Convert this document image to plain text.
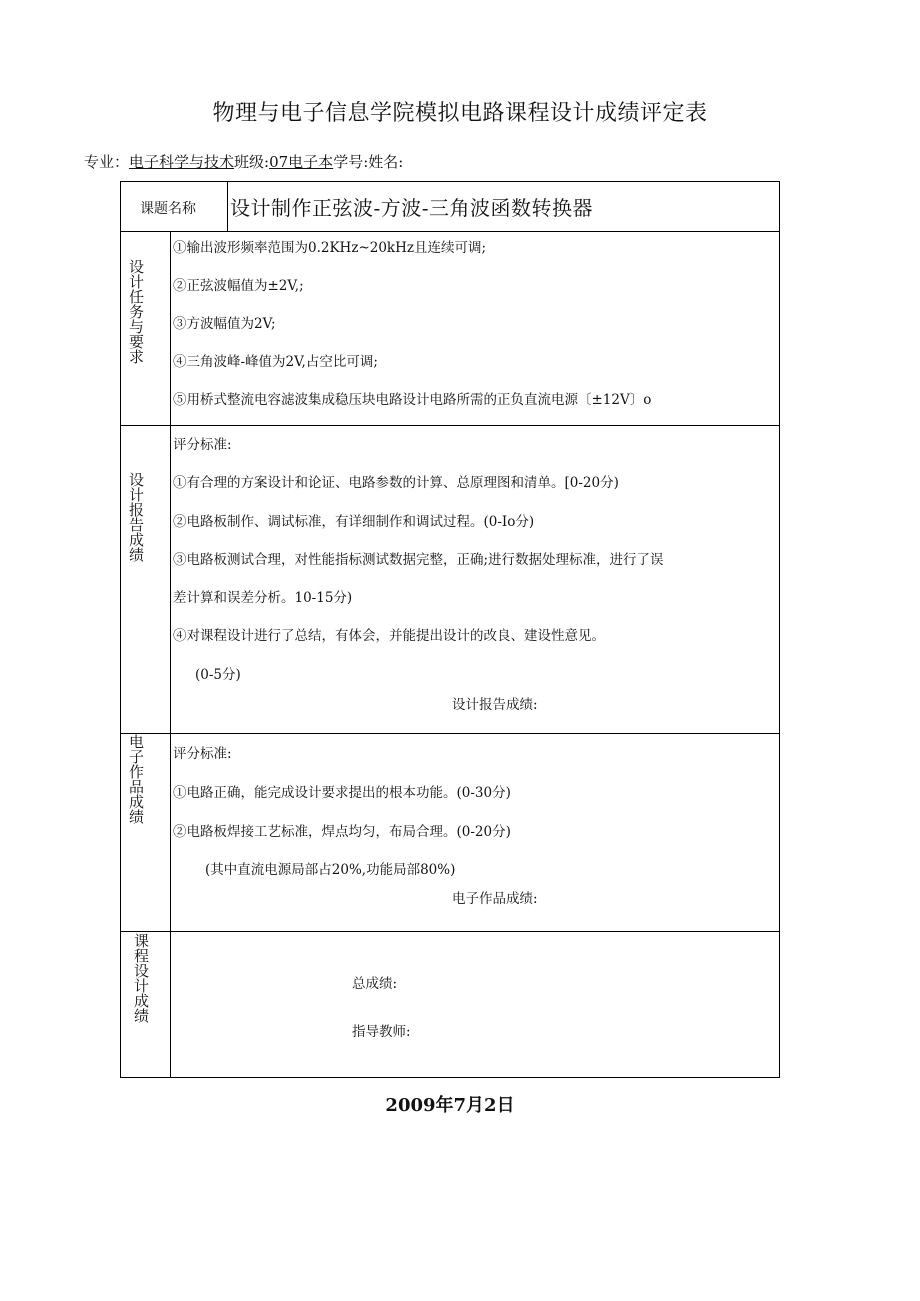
物理与电子信息学院模拟电路课程设计成绩评定表
专业：电子科学与技术班级:07电子本学号:姓名:
课题名称 设计制作正弦波-方波-三角波函数转换器
设计任务与要求
①输出波形频率范围为0.2KHz~20kHz且连续可调;
②正弦波幅值为±2V,;
③方波幅值为2V;
④三角波峰-峰值为2V,占空比可调;
⑤用桥式整流电容滤波集成稳压块电路设计电路所需的正负直流电源〔±12V〕o
设计报告成绩
评分标准:
①有合理的方案设计和论证、电路参数的计算、总原理图和清单。[0-20分)
②电路板制作、调试标准，有详细制作和调试过程。(0-Io分)
③电路板测试合理，对性能指标测试数据完整，正确;进行数据处理标准，进行了误
差计算和误差分析。10-15分)
④对课程设计进行了总结，有体会，并能提出设计的改良、建设性意见。
(0-5分)
设计报告成绩:
电子作品成绩 评分标准:
①电路正确，能完成设计要求提出的根本功能。(0-30分)
②电路板焊接工艺标准，焊点均匀，布局合理。(0-20分)
(其中直流电源局部占20%,功能局部80%)
电子作品成绩:
课程设计成绩	总成绩:
指导教师:
2009年7月2日
